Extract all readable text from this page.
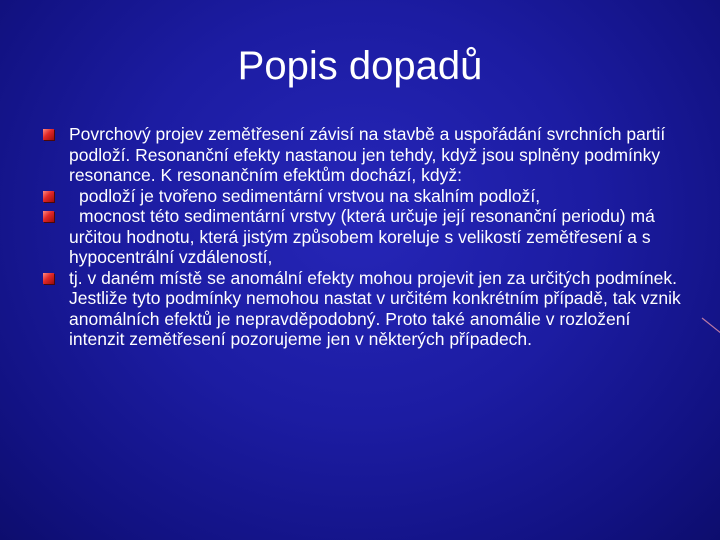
Popis dopadů
Povrchový projev zemětřesení závisí na stavbě a uspořádání svrchních partií podloží. Resonanční efekty nastanou jen tehdy, když jsou splněny podmínky resonance. K resonančním efektům dochází, když:
podloží je tvořeno sedimentární vrstvou na skalním podloží,
mocnost této sedimentární vrstvy (která určuje její resonanční periodu) má určitou hodnotu, která jistým způsobem koreluje s velikostí zemětřesení a s hypocentrální vzdáleností,
tj. v daném místě se anomální efekty mohou projevit jen za určitých podmínek. Jestliže tyto podmínky nemohou nastat v určitém konkrétním případě, tak vznik anomálních efektů je nepravděpodobný. Proto také anomálie v rozložení intenzit zemětřesení pozorujeme jen v některých případech.
